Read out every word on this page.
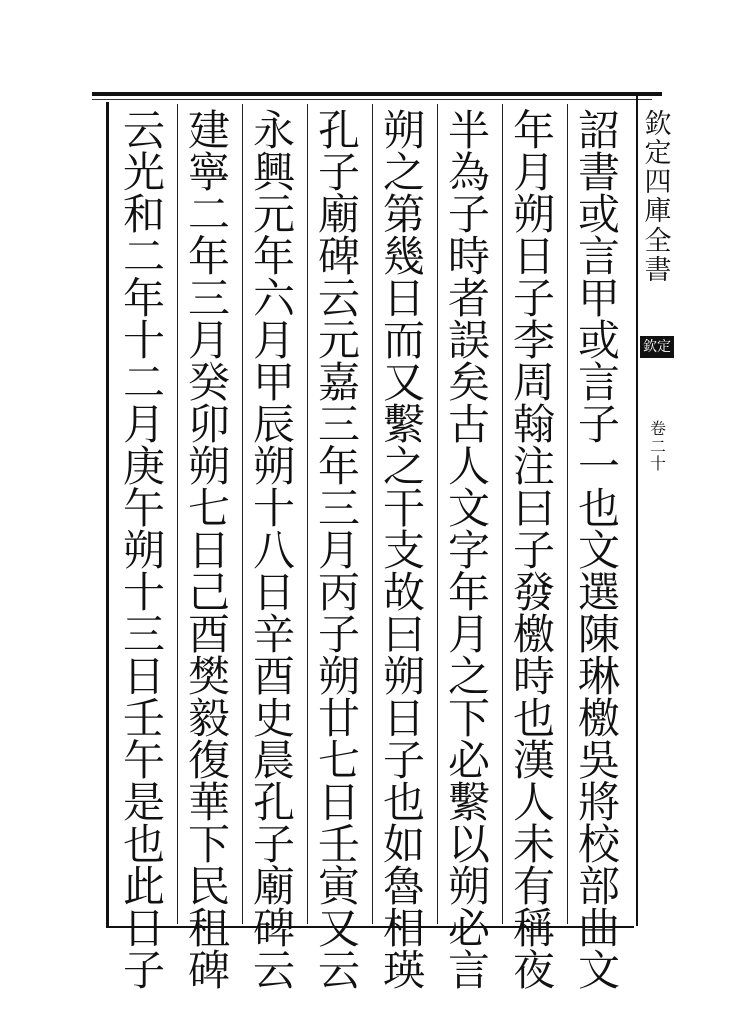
詔
書
或
言
甲
或
言
子
一
也
文
選
陳
琳
檄
吳
將
校
部
曲
文
年
月
朔
日
子
李
周
翰
注
曰
子
發
檄
時
也
漢
人
未
有
稱
夜
半
為
子
時
者
誤
矣
古
人
文
字
年
月
之
下
必
繫
以
朔
必
言
朔
之
第
幾
日
而
又
繫
之
干
支
故
曰
朔
日
子
也
如
魯
相
瑛
孔
子
廟
碑
云
元
嘉
三
年
三
月
丙
子
朔
廿
七
日
壬
寅
又
云
永
興
元
年
六
月
甲
辰
朔
十
八
日
辛
酉
史
晨
孔
子
廟
碑
云
建
寧
二
年
三
月
癸
卯
朔
七
日
己
酉
樊
毅
復
華
下
民
租
碑
云
光
和
二
年
十
二
月
庚
午
朔
十
三
日
壬
午
是
也
此
日
子
欽
定
四
庫
全
書
欽定
卷
二
十
